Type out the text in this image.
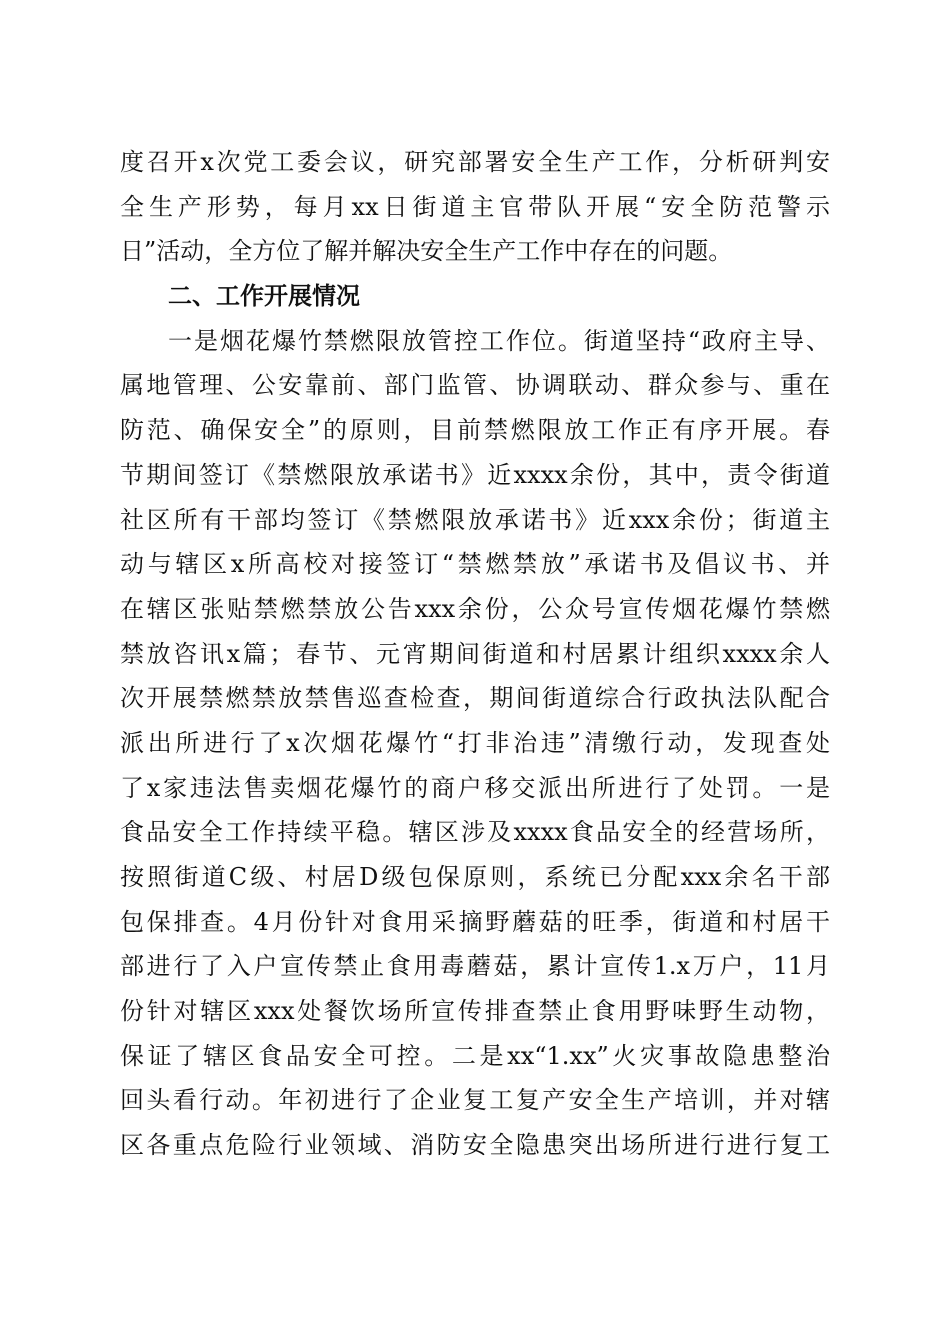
度召开x次党工委会议，研究部署安全生产工作，分析研判安
全生产形势，每月xx日街道主官带队开展“安全防范警示
日”活动，全方位了解并解决安全生产工作中存在的问题。
二、工作开展情况
一是烟花爆竹禁燃限放管控工作位。街道坚持“政府主导、
属地管理、公安靠前、部门监管、协调联动、群众参与、重在
防范、确保安全”的原则，目前禁燃限放工作正有序开展。春
节期间签订《禁燃限放承诺书》近xxxx余份，其中，责令街道
社区所有干部均签订《禁燃限放承诺书》近xxx余份；街道主
动与辖区x所高校对接签订“禁燃禁放”承诺书及倡议书、并
在辖区张贴禁燃禁放公告xxx余份，公众号宣传烟花爆竹禁燃
禁放咨讯x篇；春节、元宵期间街道和村居累计组织xxxx余人
次开展禁燃禁放禁售巡查检查，期间街道综合行政执法队配合
派出所进行了x次烟花爆竹“打非治违”清缴行动，发现查处
了x家违法售卖烟花爆竹的商户移交派出所进行了处罚。一是
食品安全工作持续平稳。辖区涉及xxxx食品安全的经营场所，
按照街道C级、村居D级包保原则，系统已分配xxx余名干部
包保排查。4月份针对食用采摘野蘑菇的旺季，街道和村居干
部进行了入户宣传禁止食用毒蘑菇，累计宣传1.x万户，11月
份针对辖区xxx处餐饮场所宣传排查禁止食用野味野生动物，
保证了辖区食品安全可控。二是xx“1.xx”火灾事故隐患整治
回头看行动。年初进行了企业复工复产安全生产培训，并对辖
区各重点危险行业领域、消防安全隐患突出场所进行进行复工
